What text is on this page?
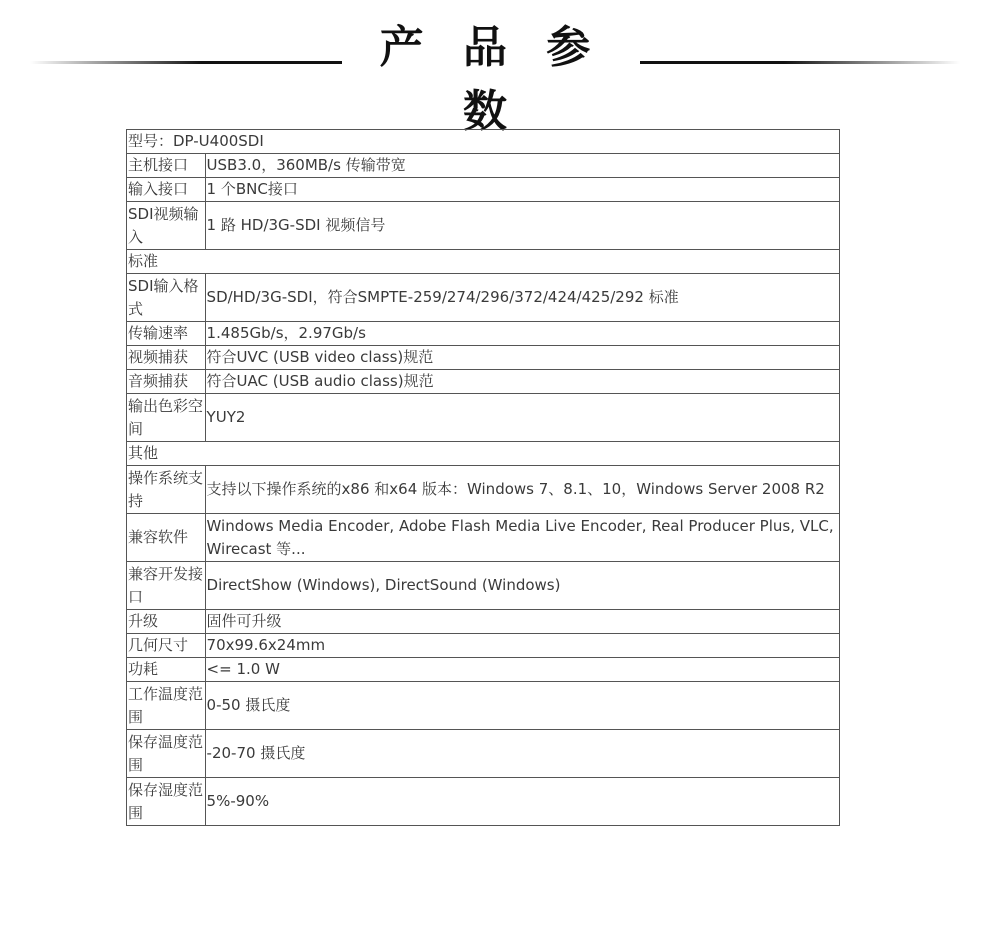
产 品 参 数
型号：DP-U400SDI	
主机接口	USB3.0，360MB/s 传输带宽
输入接口	1 个BNC接口
SDI视频输入	1 路 HD/3G-SDI 视频信号
标准	
SDI输入格式	SD/HD/3G-SDI，符合SMPTE-259/274/296/372/424/425/292 标准
传输速率	1.485Gb/s，2.97Gb/s
视频捕获	符合UVC (USB video class)规范
音频捕获	符合UAC (USB audio class)规范
输出色彩空间	YUY2
其他	
操作系统支持	支持以下操作系统的x86 和x64 版本：Windows 7、8.1、10，Windows Server 2008 R2
兼容软件	Windows Media Encoder, Adobe Flash Media Live Encoder, Real Producer Plus, VLC, Wirecast 等...
兼容开发接口	DirectShow (Windows), DirectSound (Windows)
升级	固件可升级
几何尺寸	70x99.6x24mm
功耗	<= 1.0 W
工作温度范围	0-50 摄氏度
保存温度范围	-20-70 摄氏度
保存湿度范围	5%-90%
